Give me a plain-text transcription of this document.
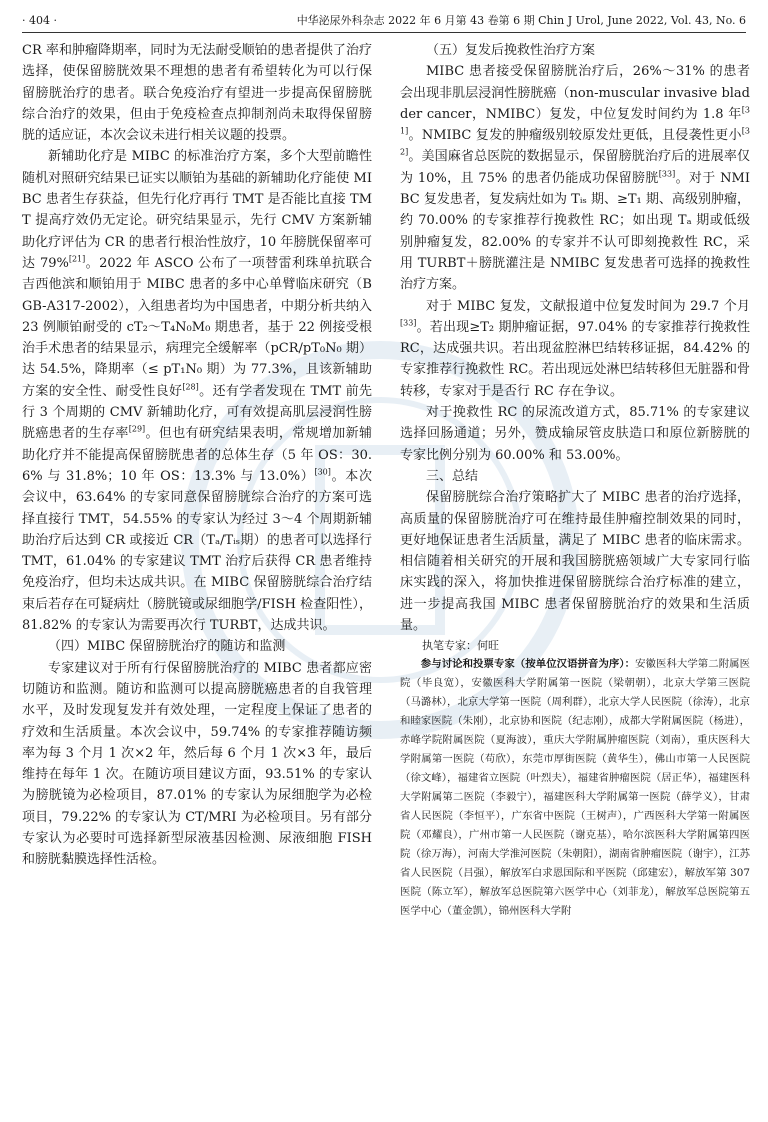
· 404 ·	中华泌尿外科杂志 2022 年 6 月第 43 卷第 6 期 Chin J Urol, June 2022, Vol. 43, No. 6

CR 率和肿瘤降期率，同时为无法耐受顺铂的患者提供了治疗选择，使保留膀胱效果不理想的患者有希望转化为可以行保留膀胱治疗的患者。联合免疫治疗有望进一步提高保留膀胱综合治疗的效果，但由于免疫检查点抑制剂尚未取得保留膀胱的适应证，本次会议未进行相关议题的投票。

新辅助化疗是 MIBC 的标准治疗方案，多个大型前瞻性随机对照研究结果已证实以顺铂为基础的新辅助化疗能使 MIBC 患者生存获益，但先行化疗再行 TMT 是否能比直接 TMT 提高疗效仍无定论。研究结果显示，先行 CMV 方案新辅助化疗评估为 CR 的患者行根治性放疗，10 年膀胱保留率可达 79%[21]。2022 年 ASCO 公布了一项替雷利珠单抗联合吉西他滨和顺铂用于 MIBC 患者的多中心单臂临床研究（BGB-A317-2002），入组患者均为中国患者，中期分析共纳入 23 例顺铂耐受的 cT₂～T₄N₀M₀ 期患者，基于 22 例接受根治手术患者的结果显示，病理完全缓解率（pCR/pT₀N₀ 期）达 54.5%，降期率（≤ pT₁N₀ 期）为 77.3%，且该新辅助方案的安全性、耐受性良好[28]。还有学者发现在 TMT 前先行 3 个周期的 CMV 新辅助化疗，可有效提高肌层浸润性膀胱癌患者的生存率[29]。但也有研究结果表明，常规增加新辅助化疗并不能提高保留膀胱患者的总体生存（5 年 OS：30.6% 与 31.8%；10 年 OS：13.3% 与 13.0%）[30]。本次会议中，63.64% 的专家同意保留膀胱综合治疗的方案可选择直接行 TMT，54.55% 的专家认为经过 3～4 个周期新辅助治疗后达到 CR 或接近 CR（Tₐ/Tᵢₛ期）的患者可以选择行 TMT，61.04% 的专家建议 TMT 治疗后获得 CR 患者维持免疫治疗，但均未达成共识。在 MIBC 保留膀胱综合治疗结束后若存在可疑病灶（膀胱镜或尿细胞学/FISH 检查阳性），81.82% 的专家认为需要再次行 TURBT，达成共识。

（四）MIBC 保留膀胱治疗的随访和监测

专家建议对于所有行保留膀胱治疗的 MIBC 患者都应密切随访和监测。随访和监测可以提高膀胱癌患者的自我管理水平，及时发现复发并有效处理，一定程度上保证了患者的疗效和生活质量。本次会议中，59.74% 的专家推荐随访频率为每 3 个月 1 次×2 年，然后每 6 个月 1 次×3 年，最后维持在每年 1 次。在随访项目建议方面，93.51% 的专家认为膀胱镜为必检项目，87.01% 的专家认为尿细胞学为必检项目，79.22% 的专家认为 CT/MRI 为必检项目。另有部分专家认为必要时可选择新型尿液基因检测、尿液细胞 FISH 和膀胱黏膜选择性活检。

（五）复发后挽救性治疗方案

MIBC 患者接受保留膀胱治疗后，26%～31% 的患者会出现非肌层浸润性膀胱癌（non-muscular invasive bladder cancer，NMIBC）复发，中位复发时间约为 1.8 年[31]。NMIBC 复发的肿瘤级别较原发灶更低，且侵袭性更小[32]。美国麻省总医院的数据显示，保留膀胱治疗后的进展率仅为 10%，且 75% 的患者仍能成功保留膀胱[33]。对于 NMIBC 复发患者，复发病灶如为 Tᵢₛ 期、≥T₁ 期、高级别肿瘤，约 70.00% 的专家推荐行挽救性 RC；如出现 Tₐ 期或低级别肿瘤复发，82.00% 的专家并不认可即刻挽救性 RC，采用 TURBT＋膀胱灌注是 NMIBC 复发患者可选择的挽救性治疗方案。

对于 MIBC 复发，文献报道中位复发时间为 29.7 个月[33]。若出现≥T₂ 期肿瘤证据，97.04% 的专家推荐行挽救性 RC，达成强共识。若出现盆腔淋巴结转移证据，84.42% 的专家推荐行挽救性 RC。若出现远处淋巴结转移但无脏器和骨转移，专家对于是否行 RC 存在争议。

对于挽救性 RC 的尿流改道方式，85.71% 的专家建议选择回肠通道；另外，赞成输尿管皮肤造口和原位新膀胱的专家比例分别为 60.00% 和 53.00%。

三、总结

保留膀胱综合治疗策略扩大了 MIBC 患者的治疗选择，高质量的保留膀胱治疗可在维持最佳肿瘤控制效果的同时，更好地保证患者生活质量，满足了 MIBC 患者的临床需求。相信随着相关研究的开展和我国膀胱癌领域广大专家同行临床实践的深入，将加快推进保留膀胱综合治疗标准的建立，进一步提高我国 MIBC 患者保留膀胱治疗的效果和生活质量。

执笔专家：何旺

参与讨论和投票专家（按单位汉语拼音为序）：安徽医科大学第二附属医院（毕良宽），安徽医科大学附属第一医院（梁朝朝），北京大学第三医院（马潞林），北京大学第一医院（周利群），北京大学人民医院（徐涛），北京和睦家医院（朱刚），北京协和医院（纪志刚），成都大学附属医院（杨进），赤峰学院附属医院（夏海波），重庆大学附属肿瘤医院（刘南），重庆医科大学附属第一医院（苟欣），东莞市厚街医院（黄华生），佛山市第一人民医院（徐文峰），福建省立医院（叶烈夫），福建省肿瘤医院（居正华），福建医科大学附属第二医院（李毅宁），福建医科大学附属第一医院（薛学义），甘肃省人民医院（李恒平），广东省中医院（王树声），广西医科大学第一附属医院（邓耀良），广州市第一人民医院（谢克基），哈尔滨医科大学附属第四医院（徐万海），河南大学淮河医院（朱朝阳），湖南省肿瘤医院（谢宇），江苏省人民医院（吕强），解放军白求恩国际和平医院（邱建宏），解放军第 307 医院（陈立军），解放军总医院第六医学中心（刘菲龙），解放军总医院第五医学中心（董金凯），锦州医科大学附
